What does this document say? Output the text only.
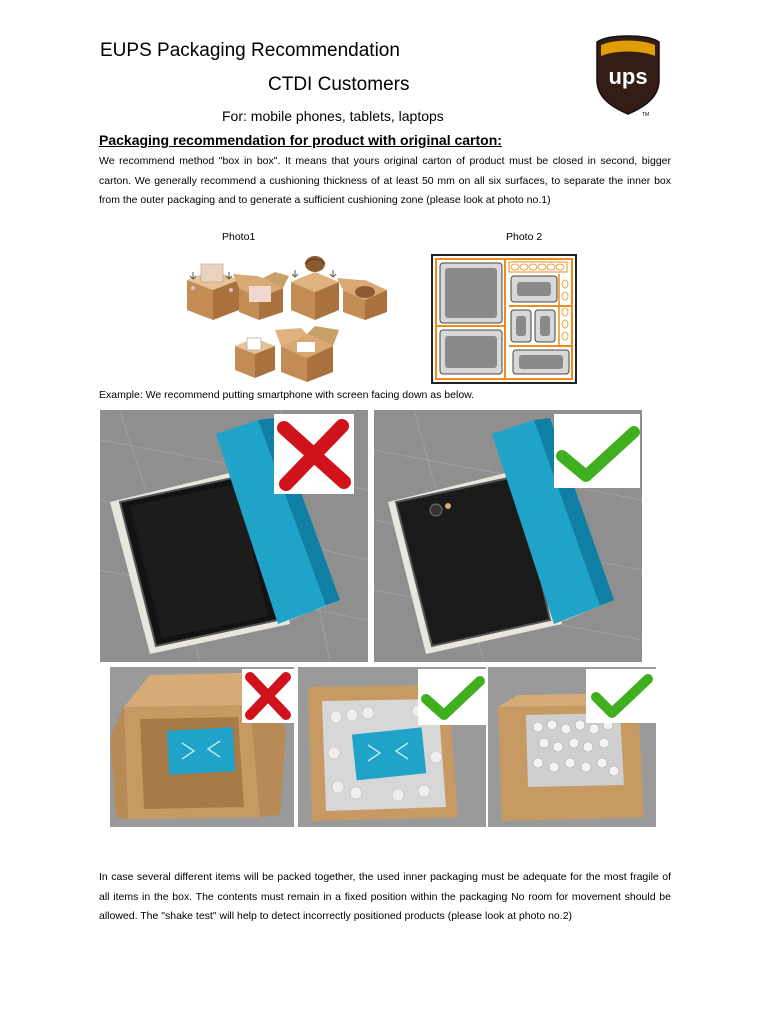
EUPS Packaging Recommendation
CTDI Customers
For: mobile phones, tablets, laptops
ups
TM
Packaging recommendation for product with original carton:
We recommend method "box in box". It means that yours original carton of product must be closed in second, bigger carton. We generally recommend a cushioning thickness of at least 50 mm on all six surfaces, to separate the inner box from the outer packaging and to generate a sufficient cushioning zone (please look at photo no.1)
Photo1	Photo 2
Example: We recommend putting smartphone with screen facing down as below.
In case several different items will be packed together, the used inner packaging must be adequate for the most fragile of all items in the box. The contents must remain in a fixed position within the packaging No room for movement should be allowed. The "shake test" will help to detect incorrectly positioned products (please look at photo no.2)
